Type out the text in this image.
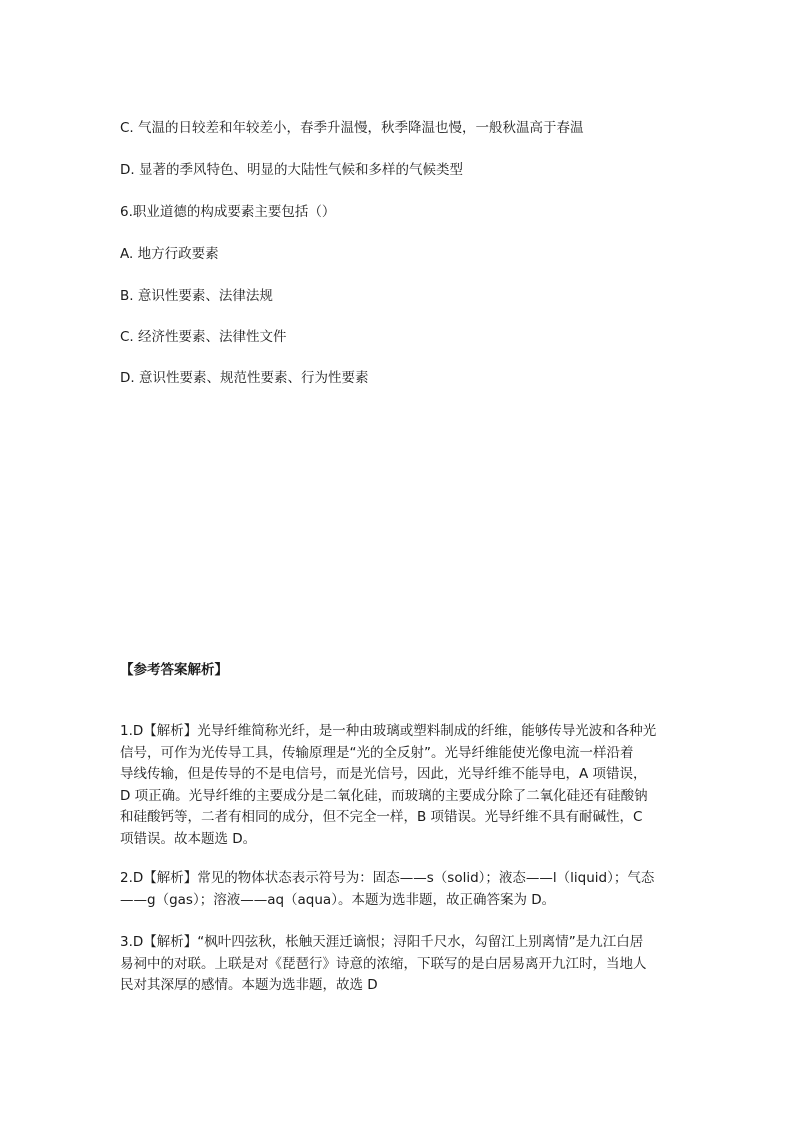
C. 气温的日较差和年较差小，春季升温慢，秋季降温也慢，一般秋温高于春温
D. 显著的季风特色、明显的大陆性气候和多样的气候类型
6.职业道德的构成要素主要包括（）
A. 地方行政要素
B. 意识性要素、法律法规
C. 经济性要素、法律性文件
D. 意识性要素、规范性要素、行为性要素
【参考答案解析】
1.D【解析】光导纤维简称光纤，是一种由玻璃或塑料制成的纤维，能够传导光波和各种光
信号，可作为光传导工具，传输原理是“光的全反射”。光导纤维能使光像电流一样沿着
导线传输，但是传导的不是电信号，而是光信号，因此，光导纤维不能导电，A 项错误，
D 项正确。光导纤维的主要成分是二氧化硅，而玻璃的主要成分除了二氧化硅还有硅酸钠
和硅酸钙等，二者有相同的成分，但不完全一样，B 项错误。光导纤维不具有耐碱性，C
项错误。故本题选 D。
2.D【解析】常见的物体状态表示符号为：固态——s（solid）；液态——l（liquid）；气态
——g（gas）；溶液——aq（aqua）。本题为选非题，故正确答案为 D。
3.D【解析】“枫叶四弦秋，枨触天涯迁谪恨；浔阳千尺水，勾留江上别离情”是九江白居
易祠中的对联。上联是对《琵琶行》诗意的浓缩，下联写的是白居易离开九江时，当地人
民对其深厚的感情。本题为选非题，故选 D
